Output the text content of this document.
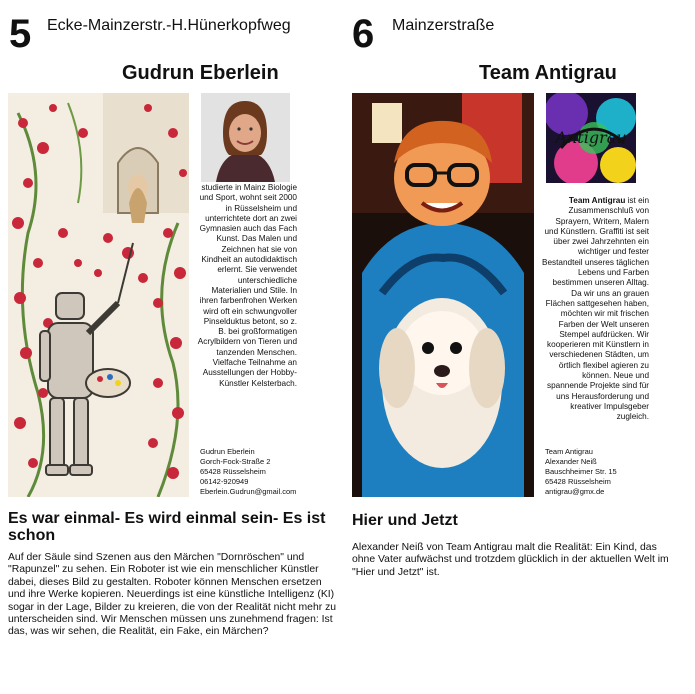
5 Ecke-Mainzerstr.-H.Hünerkopfweg
Gudrun Eberlein
studierte in Mainz Biologie und Sport, wohnt seit 2000 in Rüsselsheim und unterrichtete dort an zwei Gymnasien auch das Fach Kunst. Das Malen und Zeichnen hat sie von Kindheit an autodidaktisch erlernt. Sie verwendet unterschiedliche Materialien und Stile. In ihren farbenfrohen Werken wird oft ein schwungvoller Pinselduktus betont, so z. B. bei großformatigen Acrylbildern von Tieren und tanzenden Menschen. Vielfache Teilnahme an Ausstellungen der Hobby-Künstler Kelsterbach.
Gudrun Eberlein
Gorch-Fock-Straße 2
65428 Rüsselsheim
06142-920949
Eberlein.Gudrun@gmail.com
Es war einmal- Es wird einmal sein- Es ist schon
Auf der Säule sind Szenen aus den Märchen "Dornröschen" und "Rapunzel" zu sehen. Ein Roboter ist wie ein menschlicher Künstler dabei, dieses Bild zu gestalten. Roboter können Menschen ersetzen und ihre Werke kopieren. Neuerdings ist eine künstliche Intelligenz (KI) sogar in der Lage, Bilder zu kreieren, die von der Realität nicht mehr zu unterscheiden sind. Wir Menschen müssen uns zunehmend fragen: Ist das, was wir sehen, die Realität, ein Fake, ein Märchen?
6 Mainzerstraße
Team Antigrau
Antigrau
Team Antigrau ist ein Zusammenschluß von Sprayern, Writern, Malern und Künstlern. Graffiti ist seit über zwei Jahrzehnten ein wichtiger und fester Bestandteil unseres täglichen Lebens und Farben bestimmen unseren Alltag. Da wir uns an grauen Flächen sattgesehen haben, möchten wir mit frischen Farben der Welt unseren Stempel aufdrücken. Wir kooperieren mit Künstlern in verschiedenen Städten, um örtlich flexibel agieren zu können. Neue und spannende Projekte sind für uns Herausforderung und kreativer Impulsgeber zugleich.
Team Antigrau
Alexander Neiß
Bauschheimer Str. 15
65428 Rüsselsheim
antigrau@gmx.de
Hier und Jetzt
Alexander Neiß von Team Antigrau malt die Realität: Ein Kind, das ohne Vater aufwächst und trotzdem glücklich in der aktuellen Welt im "Hier und Jetzt" ist.
